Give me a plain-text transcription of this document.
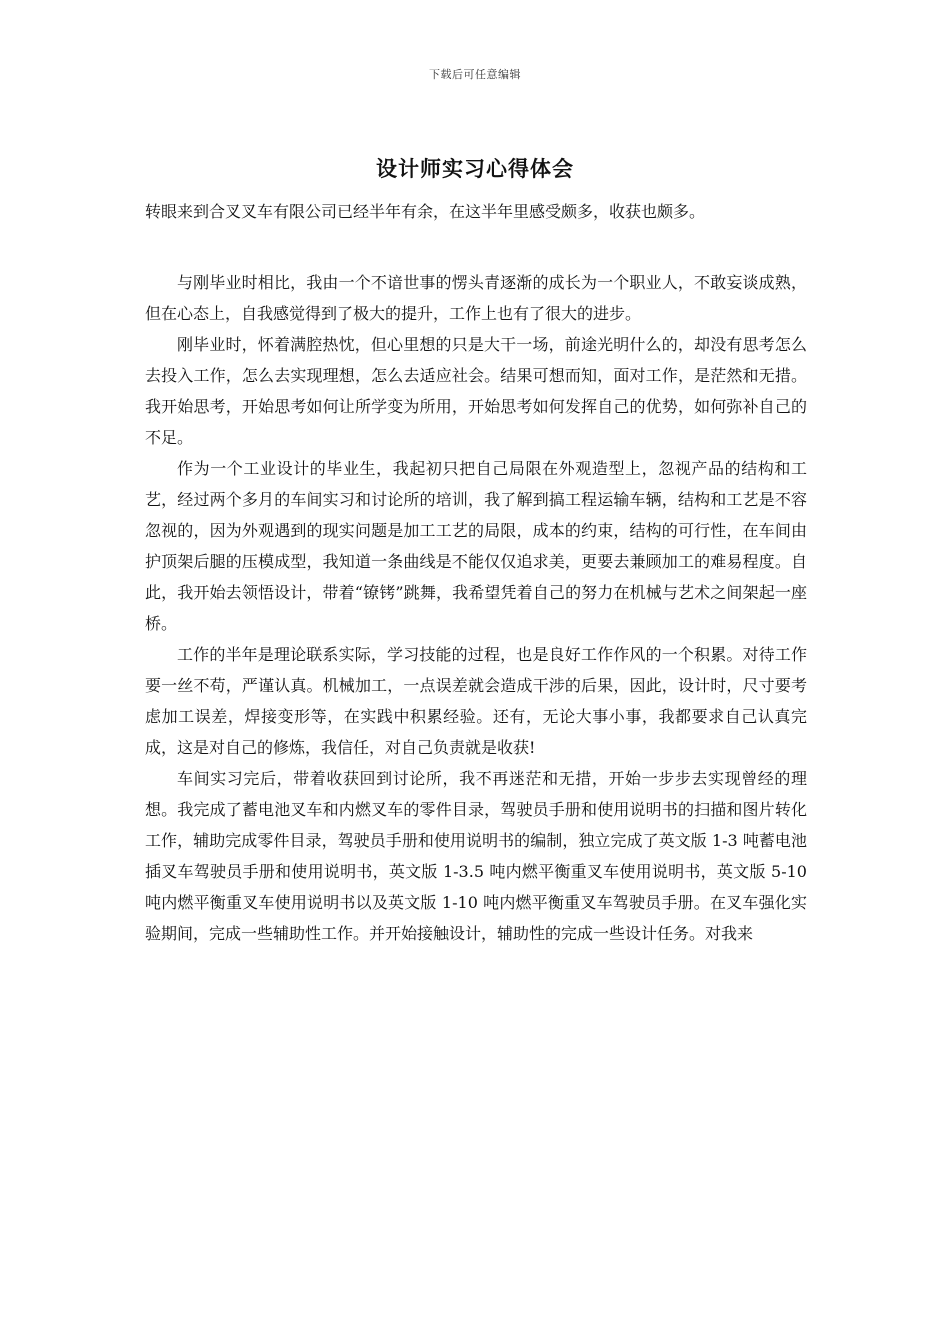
下载后可任意编辑
设计师实习心得体会
转眼来到合叉叉车有限公司已经半年有余，在这半年里感受颇多，收获也颇多。

与刚毕业时相比，我由一个不谙世事的愣头青逐渐的成长为一个职业人，不敢妄谈成熟，但在心态上，自我感觉得到了极大的提升，工作上也有了很大的进步。

刚毕业时，怀着满腔热忱，但心里想的只是大干一场，前途光明什么的，却没有思考怎么去投入工作，怎么去实现理想，怎么去适应社会。结果可想而知，面对工作，是茫然和无措。我开始思考，开始思考如何让所学变为所用，开始思考如何发挥自己的优势，如何弥补自己的不足。

作为一个工业设计的毕业生，我起初只把自己局限在外观造型上，忽视产品的结构和工艺，经过两个多月的车间实习和讨论所的培训，我了解到搞工程运输车辆，结构和工艺是不容忽视的，因为外观遇到的现实问题是加工工艺的局限，成本的约束，结构的可行性，在车间由护顶架后腿的压模成型，我知道一条曲线是不能仅仅追求美，更要去兼顾加工的难易程度。自此，我开始去领悟设计，带着“镣铐”跳舞，我希望凭着自己的努力在机械与艺术之间架起一座桥。

工作的半年是理论联系实际，学习技能的过程，也是良好工作作风的一个积累。对待工作要一丝不苟，严谨认真。机械加工，一点误差就会造成干涉的后果，因此，设计时，尺寸要考虑加工误差，焊接变形等，在实践中积累经验。还有，无论大事小事，我都要求自己认真完成，这是对自己的修炼，我信任，对自己负责就是收获!

车间实习完后，带着收获回到讨论所，我不再迷茫和无措，开始一步步去实现曾经的理想。我完成了蓄电池叉车和内燃叉车的零件目录，驾驶员手册和使用说明书的扫描和图片转化工作，辅助完成零件目录，驾驶员手册和使用说明书的编制，独立完成了英文版 1-3 吨蓄电池插叉车驾驶员手册和使用说明书，英文版 1-3.5 吨内燃平衡重叉车使用说明书，英文版 5-10 吨内燃平衡重叉车使用说明书以及英文版 1-10 吨内燃平衡重叉车驾驶员手册。在叉车强化实验期间，完成一些辅助性工作。并开始接触设计，辅助性的完成一些设计任务。对我来
